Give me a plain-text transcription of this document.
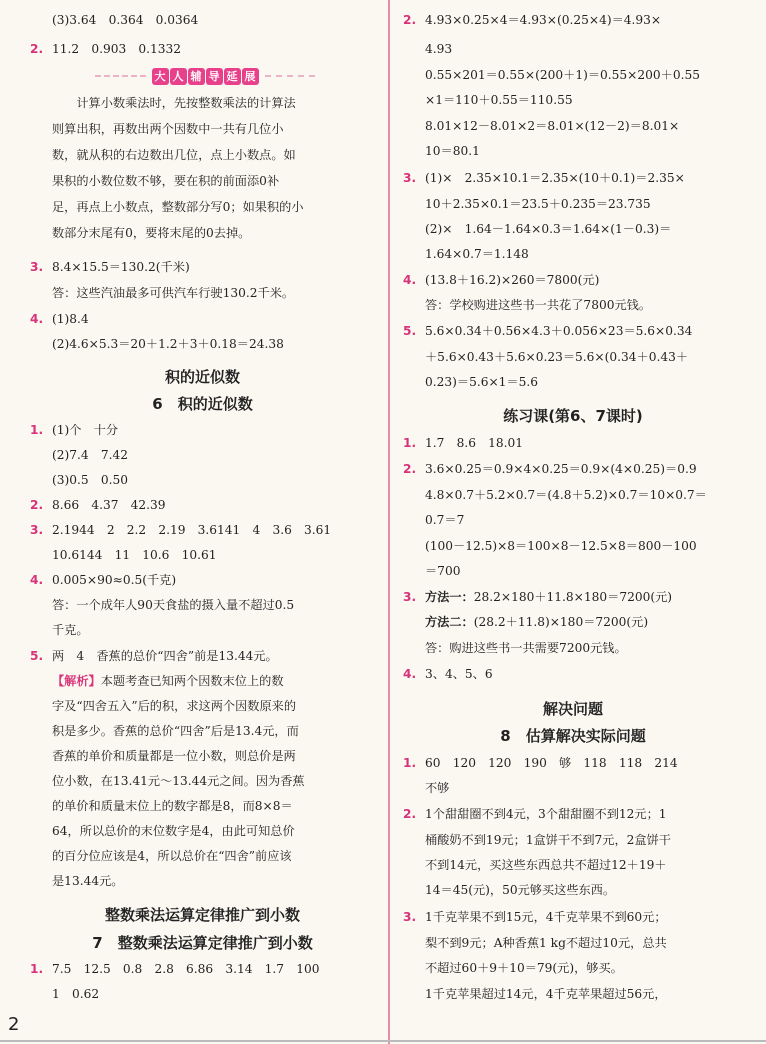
(3)3.64　0.364　0.0364
2. 11.2　0.903　0.1332
大 人 辅 导 延 展
　　计算小数乘法时，先按整数乘法的计算法
则算出积，再数出两个因数中一共有几位小
数，就从积的右边数出几位，点上小数点。如
果积的小数位数不够，要在积的前面添0补
足，再点上小数点，整数部分写0；如果积的小
数部分末尾有0，要将末尾的0去掉。
3. 8.4×15.5＝130.2(千米)
答：这些汽油最多可供汽车行驶130.2千米。
4. (1)8.4
(2)4.6×5.3＝20＋1.2＋3＋0.18＝24.38
积的近似数
6　积的近似数
1. (1)个　十分
(2)7.4　7.42
(3)0.5　0.50
2. 8.66　4.37　42.39
3. 2.1944　2　2.2　2.19　3.6141　4　3.6　3.61
10.6144　11　10.6　10.61
4. 0.005×90≈0.5(千克)
答：一个成年人90天食盐的摄入量不超过0.5
千克。
5. 两　4　香蕉的总价“四舍”前是13.44元。
【解析】本题考查已知两个因数末位上的数
字及“四舍五入”后的积，求这两个因数原来的
积是多少。香蕉的总价“四舍”后是13.4元，而
香蕉的单价和质量都是一位小数，则总价是两
位小数，在13.41元～13.44元之间。因为香蕉
的单价和质量末位上的数字都是8，而8×8＝
64，所以总价的末位数字是4，由此可知总价
的百分位应该是4，所以总价在“四舍”前应该
是13.44元。
整数乘法运算定律推广到小数
7　整数乘法运算定律推广到小数
1. 7.5　12.5　0.8　2.8　6.86　3.14　1.7　100
1　0.62
2. 4.93×0.25×4＝4.93×(0.25×4)＝4.93×
4.93
0.55×201＝0.55×(200＋1)＝0.55×200＋0.55
×1＝110＋0.55＝110.55
8.01×12－8.01×2＝8.01×(12－2)＝8.01×
10＝80.1
3. (1)×　2.35×10.1＝2.35×(10＋0.1)＝2.35×
10＋2.35×0.1＝23.5＋0.235＝23.735
(2)×　1.64－1.64×0.3＝1.64×(1－0.3)＝
1.64×0.7＝1.148
4. (13.8＋16.2)×260＝7800(元)
答：学校购进这些书一共花了7800元钱。
5. 5.6×0.34＋0.56×4.3＋0.056×23＝5.6×0.34
＋5.6×0.43＋5.6×0.23＝5.6×(0.34＋0.43＋
0.23)＝5.6×1＝5.6
练习课(第6、7课时)
1. 1.7　8.6　18.01
2. 3.6×0.25＝0.9×4×0.25＝0.9×(4×0.25)＝0.9
4.8×0.7＋5.2×0.7＝(4.8＋5.2)×0.7＝10×0.7＝
0.7＝7
(100－12.5)×8＝100×8－12.5×8＝800－100
＝700
3. 方法一：28.2×180＋11.8×180＝7200(元)
方法二：(28.2＋11.8)×180＝7200(元)
答：购进这些书一共需要7200元钱。
4. 3、4、5、6
解决问题
8　估算解决实际问题
1. 60　120　120　190　够　118　118　214
不够
2. 1个甜甜圈不到4元，3个甜甜圈不到12元；1
桶酸奶不到19元；1盒饼干不到7元，2盒饼干
不到14元，买这些东西总共不超过12＋19＋
14＝45(元)，50元够买这些东西。
3. 1千克苹果不到15元，4千克苹果不到60元；
梨不到9元；A种香蕉1 kg不超过10元，总共
不超过60＋9＋10＝79(元)，够买。
1千克苹果超过14元，4千克苹果超过56元，
2
